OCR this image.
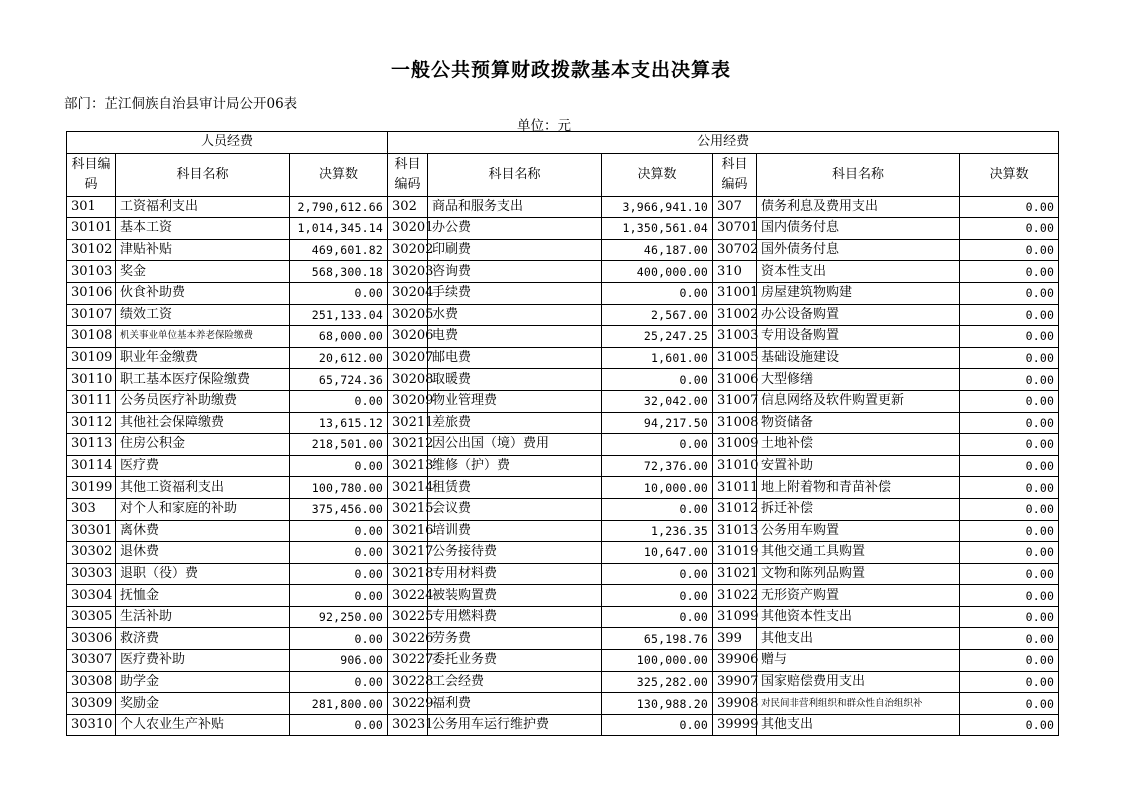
一般公共预算财政拨款基本支出决算表
部门：芷江侗族自治县审计局公开06表
单位：元
人员经费			公用经费					
科目编码	科目名称	决算数	科目编码	科目名称	决算数	科目编码	科目名称	决算数
301	工资福利支出	2,790,612.66	302	商品和服务支出	3,966,941.10	307	债务利息及费用支出	0.00
30101	基本工资	1,014,345.14	30201	办公费	1,350,561.04	30701	国内债务付息	0.00
30102	津贴补贴	469,601.82	30202	印刷费	46,187.00	30702	国外债务付息	0.00
30103	奖金	568,300.18	30203	咨询费	400,000.00	310	资本性支出	0.00
30106	伙食补助费	0.00	30204	手续费	0.00	31001	房屋建筑物购建	0.00
30107	绩效工资	251,133.04	30205	水费	2,567.00	31002	办公设备购置	0.00
30108	机关事业单位基本养老保险缴费	68,000.00	30206	电费	25,247.25	31003	专用设备购置	0.00
30109	职业年金缴费	20,612.00	30207	邮电费	1,601.00	31005	基础设施建设	0.00
30110	职工基本医疗保险缴费	65,724.36	30208	取暖费	0.00	31006	大型修缮	0.00
30111	公务员医疗补助缴费	0.00	30209	物业管理费	32,042.00	31007	信息网络及软件购置更新	0.00
30112	其他社会保障缴费	13,615.12	30211	差旅费	94,217.50	31008	物资储备	0.00
30113	住房公积金	218,501.00	30212	因公出国（境）费用	0.00	31009	土地补偿	0.00
30114	医疗费	0.00	30213	维修（护）费	72,376.00	31010	安置补助	0.00
30199	其他工资福利支出	100,780.00	30214	租赁费	10,000.00	31011	地上附着物和青苗补偿	0.00
303	对个人和家庭的补助	375,456.00	30215	会议费	0.00	31012	拆迁补偿	0.00
30301	离休费	0.00	30216	培训费	1,236.35	31013	公务用车购置	0.00
30302	退休费	0.00	30217	公务接待费	10,647.00	31019	其他交通工具购置	0.00
30303	退职（役）费	0.00	30218	专用材料费	0.00	31021	文物和陈列品购置	0.00
30304	抚恤金	0.00	30224	被装购置费	0.00	31022	无形资产购置	0.00
30305	生活补助	92,250.00	30225	专用燃料费	0.00	31099	其他资本性支出	0.00
30306	救济费	0.00	30226	劳务费	65,198.76	399	其他支出	0.00
30307	医疗费补助	906.00	30227	委托业务费	100,000.00	39906	赠与	0.00
30308	助学金	0.00	30228	工会经费	325,282.00	39907	国家赔偿费用支出	0.00
30309	奖励金	281,800.00	30229	福利费	130,988.20	39908	对民间非营利组织和群众性自治组织补	0.00
30310	个人农业生产补贴	0.00	30231	公务用车运行维护费	0.00	39999	其他支出	0.00
